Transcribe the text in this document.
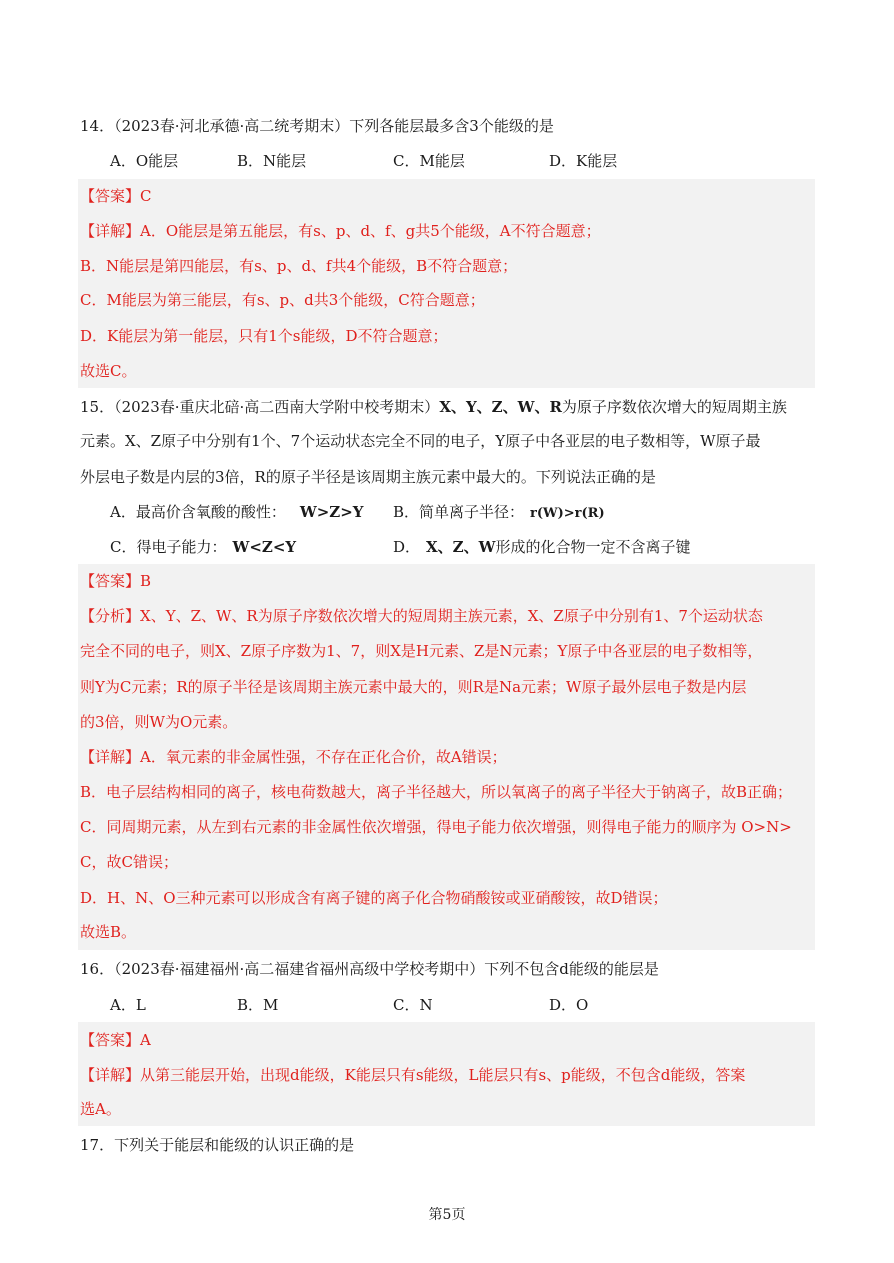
14．（2023春·河北承德·高二统考期末）下列各能层最多含3个能级的是
A．O能层	B．N能层	C．M能层	D．K能层
【答案】C
【详解】A．O能层是第五能层，有s、p、d、f、g共5个能级，A不符合题意；
B．N能层是第四能层，有s、p、d、f共4个能级，B不符合题意；
C．M能层为第三能层，有s、p、d共3个能级，C符合题意；
D．K能层为第一能层，只有1个s能级，D不符合题意；
故选C。
15．（2023春·重庆北碚·高二西南大学附中校考期末）X、Y、Z、W、R为原子序数依次增大的短周期主族
元素。X、Z原子中分别有1个、7个运动状态完全不同的电子，Y原子中各亚层的电子数相等，W原子最
外层电子数是内层的3倍，R的原子半径是该周期主族元素中最大的。下列说法正确的是
A．最高价含氧酸的酸性： W>Z>Y B．简单离子半径： r(W)>r(R)
C．得电子能力： W<Z<Y	D． X、Z、W形成的化合物一定不含离子键
【答案】B
【分析】X、Y、Z、W、R为原子序数依次增大的短周期主族元素，X、Z原子中分别有1、7个运动状态
完全不同的电子，则X、Z原子序数为1、7，则X是H元素、Z是N元素；Y原子中各亚层的电子数相等，
则Y为C元素；R的原子半径是该周期主族元素中最大的，则R是Na元素；W原子最外层电子数是内层
的3倍，则W为O元素。
【详解】A．氧元素的非金属性强，不存在正化合价，故A错误；
B．电子层结构相同的离子，核电荷数越大，离子半径越大，所以氧离子的离子半径大于钠离子，故B正确；
C．同周期元素，从左到右元素的非金属性依次增强，得电子能力依次增强，则得电子能力的顺序为 O>N>
C，故C错误；
D．H、N、O三种元素可以形成含有离子键的离子化合物硝酸铵或亚硝酸铵，故D错误；
故选B。
16．（2023春·福建福州·高二福建省福州高级中学校考期中）下列不包含d能级的能层是
A．L	B．M	C．N	D．O
【答案】A
【详解】从第三能层开始，出现d能级，K能层只有s能级，L能层只有s、p能级，不包含d能级，答案
选A。
17．下列关于能层和能级的认识正确的是
第5页
